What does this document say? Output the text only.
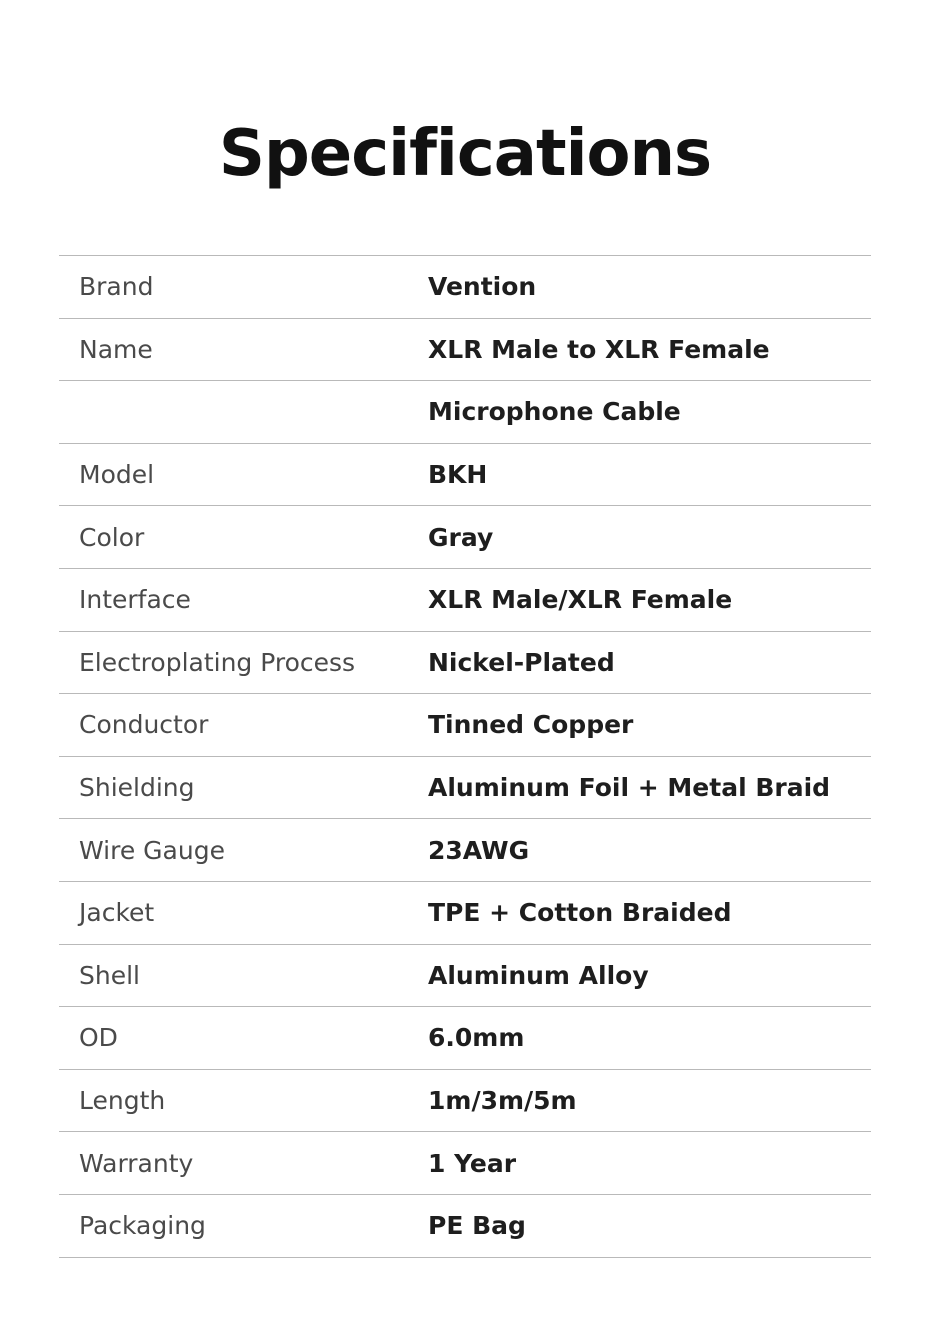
Specifications
Brand	Vention
Name	XLR Male to XLR Female
Microphone Cable
Model	BKH
Color	Gray
Interface	XLR Male/XLR Female
Electroplating Process	Nickel-Plated
Conductor	Tinned Copper
Shielding	Aluminum Foil + Metal Braid
Wire Gauge	23AWG
Jacket	TPE + Cotton Braided
Shell	Aluminum Alloy
OD	6.0mm
Length	1m/3m/5m
Warranty	1 Year
Packaging	PE Bag
